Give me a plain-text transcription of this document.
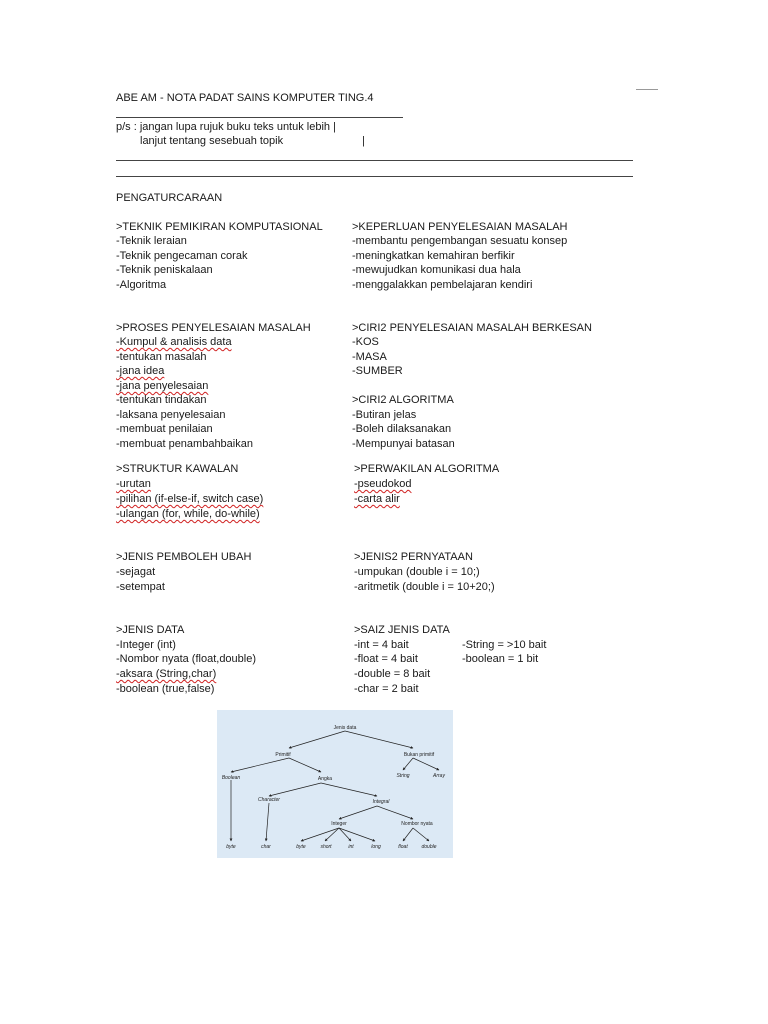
ABE AM - NOTA PADAT SAINS KOMPUTER TING.4
p/s : jangan lupa rujuk buku teks untuk lebih |
lanjut tentang sesebuah topik	|
PENGATURCARAAN
>TEKNIK PEMIKIRAN KOMPUTASIONAL
-Teknik leraian
-Teknik pengecaman corak
-Teknik peniskalaan
-Algoritma
>PROSES PENYELESAIAN MASALAH
-Kumpul & analisis data
-tentukan masalah
-jana idea
-jana penyelesaian
-tentukan tindakan
-laksana penyelesaian
-membuat penilaian
-membuat penambahbaikan
>STRUKTUR KAWALAN
-urutan
-pilihan (if-else-if, switch case)
-ulangan (for, while, do-while)
>JENIS PEMBOLEH UBAH
-sejagat
-setempat
>JENIS DATA
-Integer (int)
-Nombor nyata (float,double)
-aksara (String,char)
-boolean (true,false)
>KEPERLUAN PENYELESAIAN MASALAH
-membantu pengembangan sesuatu konsep
-meningkatkan kemahiran berfikir
-mewujudkan komunikasi dua hala
-menggalakkan pembelajaran kendiri
>CIRI2 PENYELESAIAN MASALAH BERKESAN
-KOS
-MASA
-SUMBER
>CIRI2 ALGORITMA
-Butiran jelas
-Boleh dilaksanakan
-Mempunyai batasan
>PERWAKILAN ALGORITMA
-pseudokod
-carta alir
>JENIS2 PERNYATAAN
-umpukan (double i = 10;)
-aritmetik (double i = 10+20;)
>SAIZ JENIS DATA
-int = 4 bait
-float = 4 bait
-double = 8 bait
-char = 2 bait
-String = >10 bait
-boolean = 1 bit
Jenis data
Primitif	Bukan primitif
String	Array
Boolean	Angka
Character	Integral
Integer	Nombor nyata
byte	char	byte	short	int	long	float	double
